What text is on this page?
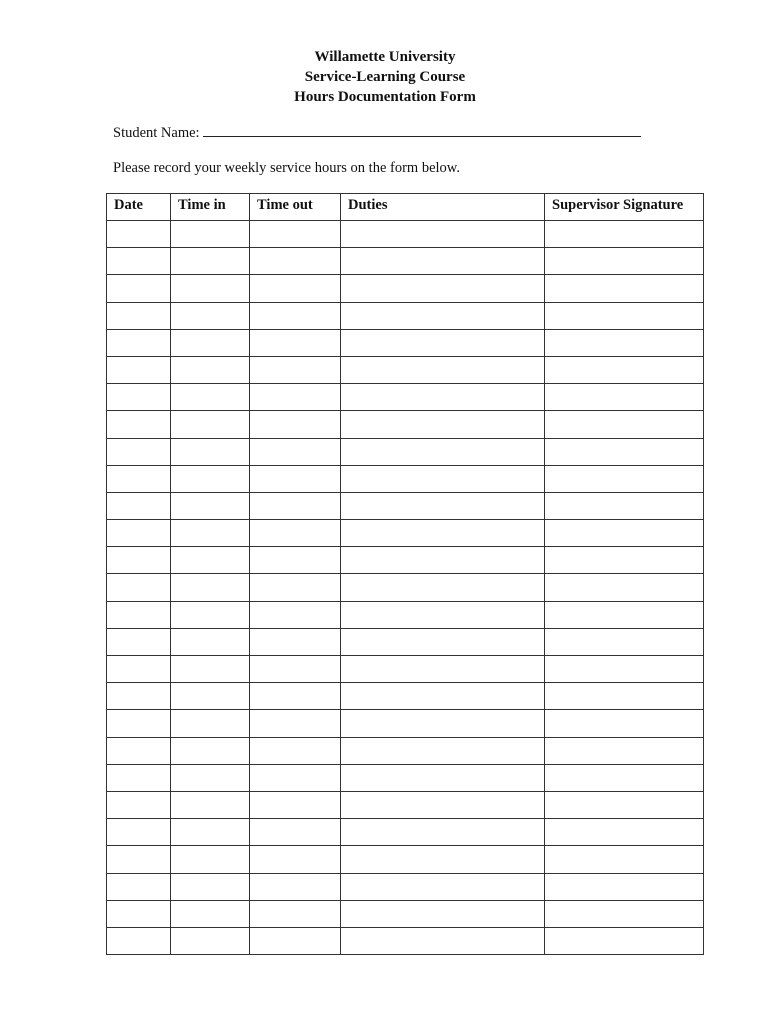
Willamette University
Service-Learning Course
Hours Documentation Form
Student Name:
Please record your weekly service hours on the form below.
Date	Time in	Time out	Duties	Supervisor Signature
